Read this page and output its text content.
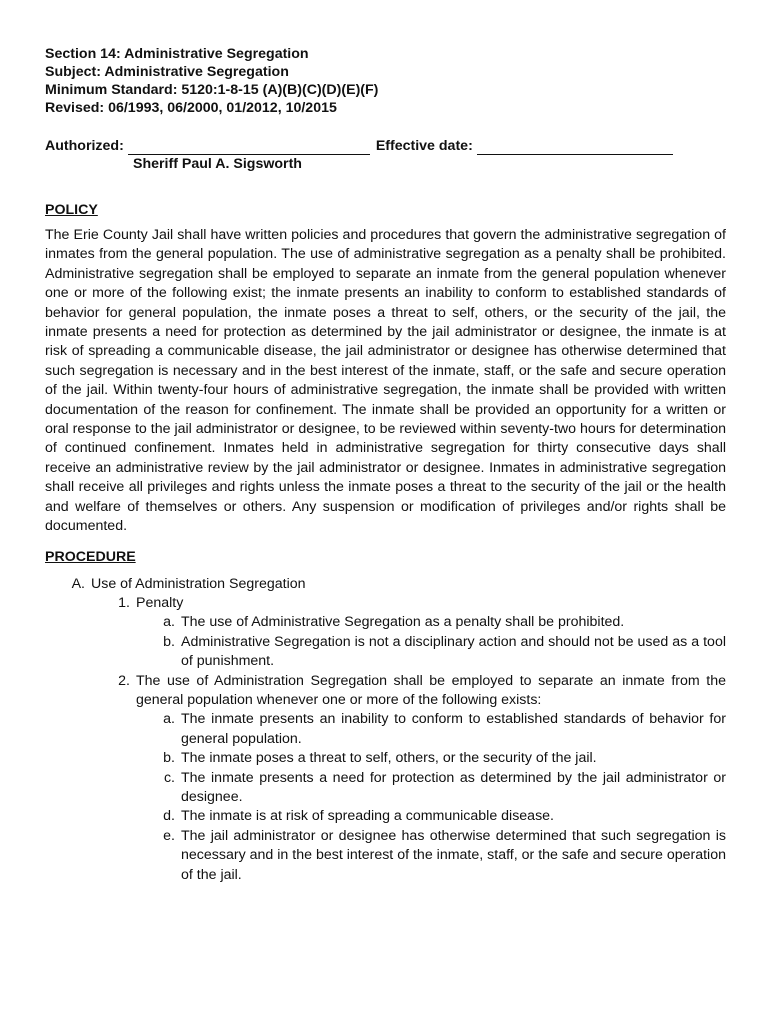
Section 14: Administrative Segregation
Subject: Administrative Segregation
Minimum Standard: 5120:1-8-15 (A)(B)(C)(D)(E)(F)
Revised: 06/1993, 06/2000, 01/2012, 10/2015
Authorized:	Effective date:
Sheriff Paul A. Sigsworth
POLICY
The Erie County Jail shall have written policies and procedures that govern the administrative segregation of inmates from the general population. The use of administrative segregation as a penalty shall be prohibited. Administrative segregation shall be employed to separate an inmate from the general population whenever one or more of the following exist; the inmate presents an inability to conform to established standards of behavior for general population, the inmate poses a threat to self, others, or the security of the jail, the inmate presents a need for protection as determined by the jail administrator or designee, the inmate is at risk of spreading a communicable disease, the jail administrator or designee has otherwise determined that such segregation is necessary and in the best interest of the inmate, staff, or the safe and secure operation of the jail. Within twenty-four hours of administrative segregation, the inmate shall be provided with written documentation of the reason for confinement. The inmate shall be provided an opportunity for a written or oral response to the jail administrator or designee, to be reviewed within seventy-two hours for determination of continued confinement. Inmates held in administrative segregation for thirty consecutive days shall receive an administrative review by the jail administrator or designee. Inmates in administrative segregation shall receive all privileges and rights unless the inmate poses a threat to the security of the jail or the health and welfare of themselves or others. Any suspension or modification of privileges and/or rights shall be documented.
PROCEDURE
A. Use of Administration Segregation
1. Penalty
a. The use of Administrative Segregation as a penalty shall be prohibited.
b. Administrative Segregation is not a disciplinary action and should not be used as a tool of punishment.
2. The use of Administration Segregation shall be employed to separate an inmate from the general population whenever one or more of the following exists:
a. The inmate presents an inability to conform to established standards of behavior for general population.
b. The inmate poses a threat to self, others, or the security of the jail.
c. The inmate presents a need for protection as determined by the jail administrator or designee.
d. The inmate is at risk of spreading a communicable disease.
e. The jail administrator or designee has otherwise determined that such segregation is necessary and in the best interest of the inmate, staff, or the safe and secure operation of the jail.
